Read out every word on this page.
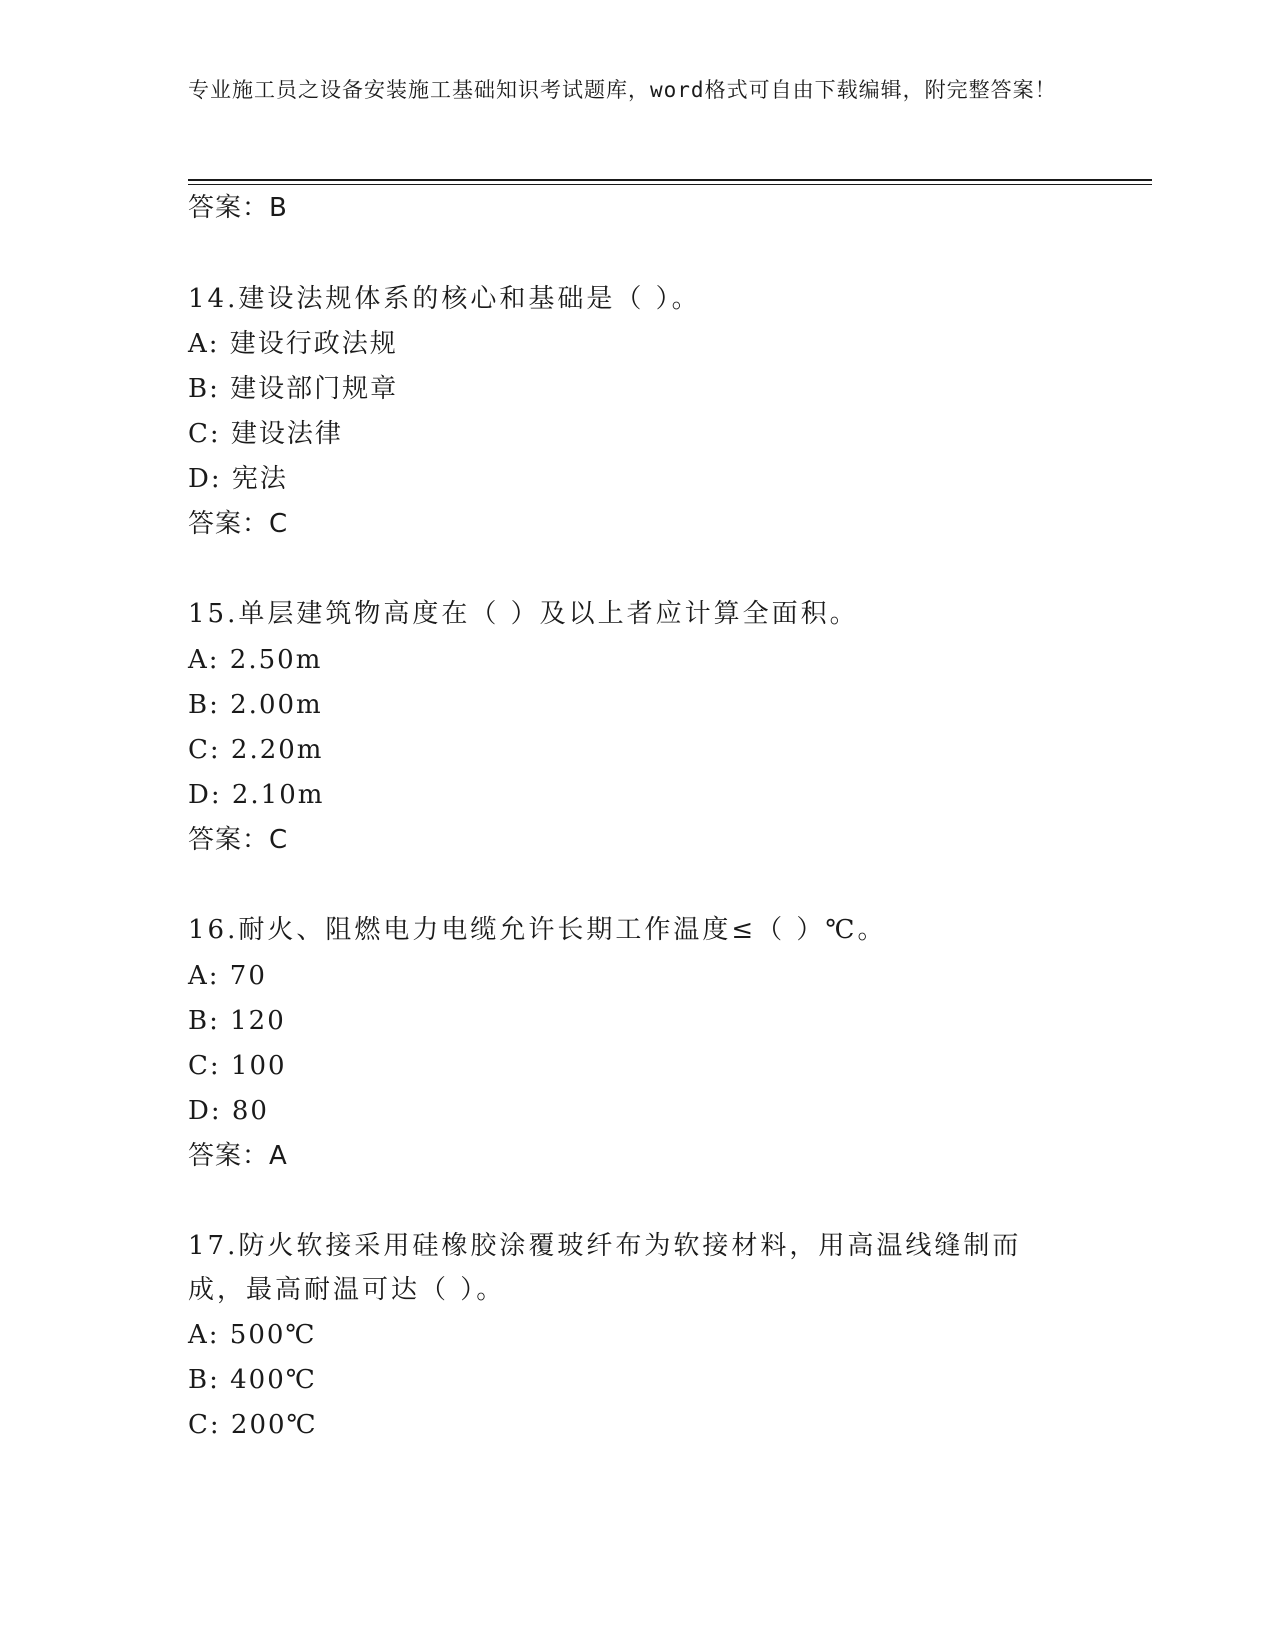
专业施工员之设备安装施工基础知识考试题库，word格式可自由下载编辑，附完整答案！
答案：B
14.建设法规体系的核心和基础是（ ）。
A: 建设行政法规
B: 建设部门规章
C: 建设法律
D: 宪法
答案：C
15.单层建筑物高度在（ ）及以上者应计算全面积。
A: 2.50m
B: 2.00m
C: 2.20m
D: 2.10m
答案：C
16.耐火、阻燃电力电缆允许长期工作温度≤（ ）℃。
A: 70
B: 120
C: 100
D: 80
答案：A
17.防火软接采用硅橡胶涂覆玻纤布为软接材料，用高温线缝制而成，最高耐温可达（ ）。
A: 500℃
B: 400℃
C: 200℃
